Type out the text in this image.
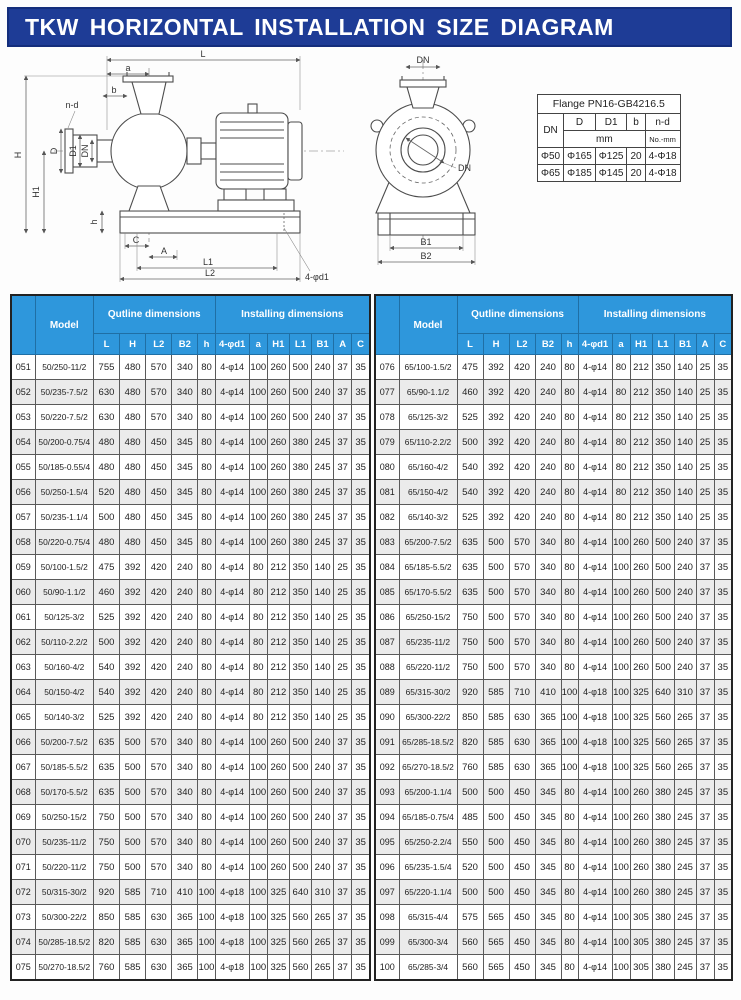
TKW HORIZONTAL INSTALLATION SIZE DIAGRAM
L
a
b
n-d
H
H1
D D1 DN
h
C
A
L1
L2	4-φd1
DN
DN
B1
B2
Flange PN16-GB4216.5				
DN	D	D1	b	n-d
	mm			No.-mm
Φ50	Φ165	Φ125	20	4-Φ18
Φ65	Φ185	Φ145	20	4-Φ18
	Model	Qutline dimensions					Installing dimensions						
		L	H	L2	B2	h	4-φd1	a	H1	L1	B1	A	C
051	50/250-11/2	755	480	570	340	80	4-φ14	100	260	500	240	37	35
052	50/235-7.5/2	630	480	570	340	80	4-φ14	100	260	500	240	37	35
053	50/220-7.5/2	630	480	570	340	80	4-φ14	100	260	500	240	37	35
054	50/200-0.75/4	480	480	450	345	80	4-φ14	100	260	380	245	37	35
055	50/185-0.55/4	480	480	450	345	80	4-φ14	100	260	380	245	37	35
056	50/250-1.5/4	520	480	450	345	80	4-φ14	100	260	380	245	37	35
057	50/235-1.1/4	500	480	450	345	80	4-φ14	100	260	380	245	37	35
058	50/220-0.75/4	480	480	450	345	80	4-φ14	100	260	380	245	37	35
059	50/100-1.5/2	475	392	420	240	80	4-φ14	80	212	350	140	25	35
060	50/90-1.1/2	460	392	420	240	80	4-φ14	80	212	350	140	25	35
061	50/125-3/2	525	392	420	240	80	4-φ14	80	212	350	140	25	35
062	50/110-2.2/2	500	392	420	240	80	4-φ14	80	212	350	140	25	35
063	50/160-4/2	540	392	420	240	80	4-φ14	80	212	350	140	25	35
064	50/150-4/2	540	392	420	240	80	4-φ14	80	212	350	140	25	35
065	50/140-3/2	525	392	420	240	80	4-φ14	80	212	350	140	25	35
066	50/200-7.5/2	635	500	570	340	80	4-φ14	100	260	500	240	37	35
067	50/185-5.5/2	635	500	570	340	80	4-φ14	100	260	500	240	37	35
068	50/170-5.5/2	635	500	570	340	80	4-φ14	100	260	500	240	37	35
069	50/250-15/2	750	500	570	340	80	4-φ14	100	260	500	240	37	35
070	50/235-11/2	750	500	570	340	80	4-φ14	100	260	500	240	37	35
071	50/220-11/2	750	500	570	340	80	4-φ14	100	260	500	240	37	35
072	50/315-30/2	920	585	710	410	100	4-φ18	100	325	640	310	37	35
073	50/300-22/2	850	585	630	365	100	4-φ18	100	325	560	265	37	35
074	50/285-18.5/2	820	585	630	365	100	4-φ18	100	325	560	265	37	35
075	50/270-18.5/2	760	585	630	365	100	4-φ18	100	325	560	265	37	35
	Model	Qutline dimensions					Installing dimensions						
		L	H	L2	B2	h	4-φd1	a	H1	L1	B1	A	C
076	65/100-1.5/2	475	392	420	240	80	4-φ14	80	212	350	140	25	35
077	65/90-1.1/2	460	392	420	240	80	4-φ14	80	212	350	140	25	35
078	65/125-3/2	525	392	420	240	80	4-φ14	80	212	350	140	25	35
079	65/110-2.2/2	500	392	420	240	80	4-φ14	80	212	350	140	25	35
080	65/160-4/2	540	392	420	240	80	4-φ14	80	212	350	140	25	35
081	65/150-4/2	540	392	420	240	80	4-φ14	80	212	350	140	25	35
082	65/140-3/2	525	392	420	240	80	4-φ14	80	212	350	140	25	35
083	65/200-7.5/2	635	500	570	340	80	4-φ14	100	260	500	240	37	35
084	65/185-5.5/2	635	500	570	340	80	4-φ14	100	260	500	240	37	35
085	65/170-5.5/2	635	500	570	340	80	4-φ14	100	260	500	240	37	35
086	65/250-15/2	750	500	570	340	80	4-φ14	100	260	500	240	37	35
087	65/235-11/2	750	500	570	340	80	4-φ14	100	260	500	240	37	35
088	65/220-11/2	750	500	570	340	80	4-φ14	100	260	500	240	37	35
089	65/315-30/2	920	585	710	410	100	4-φ18	100	325	640	310	37	35
090	65/300-22/2	850	585	630	365	100	4-φ18	100	325	560	265	37	35
091	65/285-18.5/2	820	585	630	365	100	4-φ18	100	325	560	265	37	35
092	65/270-18.5/2	760	585	630	365	100	4-φ18	100	325	560	265	37	35
093	65/200-1.1/4	500	500	450	345	80	4-φ14	100	260	380	245	37	35
094	65/185-0.75/4	485	500	450	345	80	4-φ14	100	260	380	245	37	35
095	65/250-2.2/4	550	500	450	345	80	4-φ14	100	260	380	245	37	35
096	65/235-1.5/4	520	500	450	345	80	4-φ14	100	260	380	245	37	35
097	65/220-1.1/4	500	500	450	345	80	4-φ14	100	260	380	245	37	35
098	65/315-4/4	575	565	450	345	80	4-φ14	100	305	380	245	37	35
099	65/300-3/4	560	565	450	345	80	4-φ14	100	305	380	245	37	35
100	65/285-3/4	560	565	450	345	80	4-φ14	100	305	380	245	37	35
